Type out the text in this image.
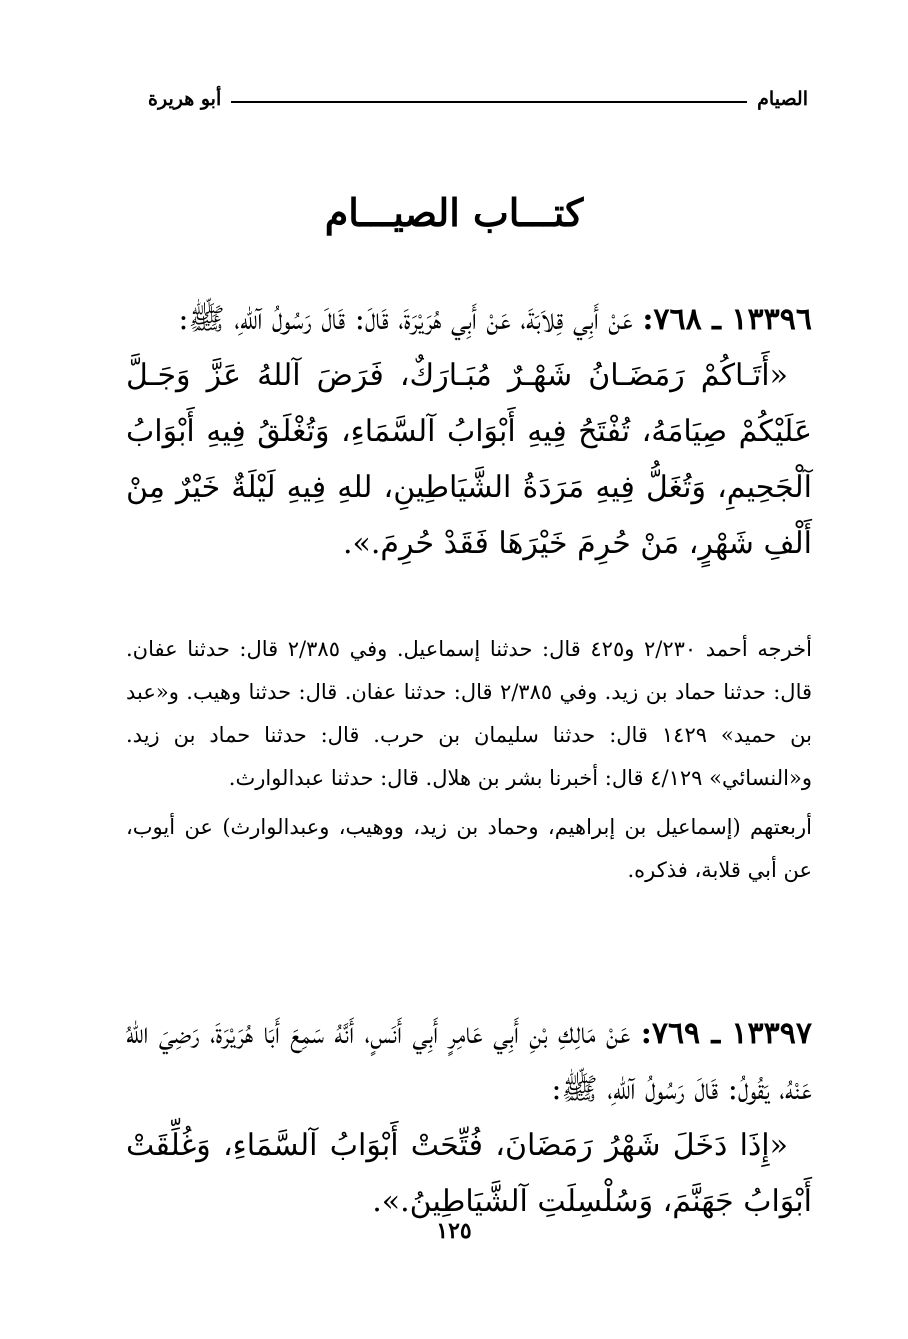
الصيام
أبو هريرة
كتـــاب الصيـــام

١٣٣٩٦ ـ ٧٦٨: عَنْ أَبِي قِلاَبَةَ، عَنْ أَبِي هُرَيْرَةَ، قَالَ: قَالَ رَسُولُ آللهِ، ﷺ:

«أَتَـاكُمْ رَمَضَـانُ شَهْـرٌ مُبَـارَكٌ، فَرَضَ آللهُ عَزَّ وَجَـلَّ عَلَيْكُمْ صِيَامَهُ، تُفْتَحُ فِيهِ أَبْوَابُ آلسَّمَاءِ، وَتُغْلَقُ فِيهِ أَبْوَابُ آلْجَحِيمِ، وَتُغَلُّ فِيهِ مَرَدَةُ الشَّيَاطِينِ، للهِ فِيهِ لَيْلَةٌ خَيْرٌ مِنْ أَلْفِ شَهْرٍ، مَنْ حُرِمَ خَيْرَهَا فَقَدْ حُرِمَ.».

أخرجه أحمد ٢/٢٣٠ و٤٢٥ قال: حدثنا إسماعيل. وفي ٢/٣٨٥ قال: حدثنا عفان. قال: حدثنا حماد بن زيد. وفي ٢/٣٨٥ قال: حدثنا عفان. قال: حدثنا وهيب. و«عبد بن حميد» ١٤٢٩ قال: حدثنا سليمان بن حرب. قال: حدثنا حماد بن زيد. و«النسائي» ٤/١٢٩ قال: أخبرنا بشر بن هلال. قال: حدثنا عبدالوارث.

أربعتهم (إسماعيل بن إبراهيم، وحماد بن زيد، ووهيب، وعبدالوارث) عن أيوب، عن أبي قلابة، فذكره.

١٣٣٩٧ ـ ٧٦٩: عَنْ مَالِكِ بْنِ أَبِي عَامِرٍ أَبِي أَنَسٍ، أَنَّهُ سَمِعَ أَبَا هُرَيْرَةَ، رَضِيَ اللهُ عَنْهُ، يَقُولُ: قَالَ رَسُولُ آللهِ، ﷺ:

«إِذَا دَخَلَ شَهْرُ رَمَضَانَ، فُتِّحَتْ أَبْوَابُ آلسَّمَاءِ، وَغُلِّقَتْ أَبْوَابُ جَهَنَّمَ، وَسُلْسِلَتِ آلشَّيَاطِينُ.».

١٢٥
